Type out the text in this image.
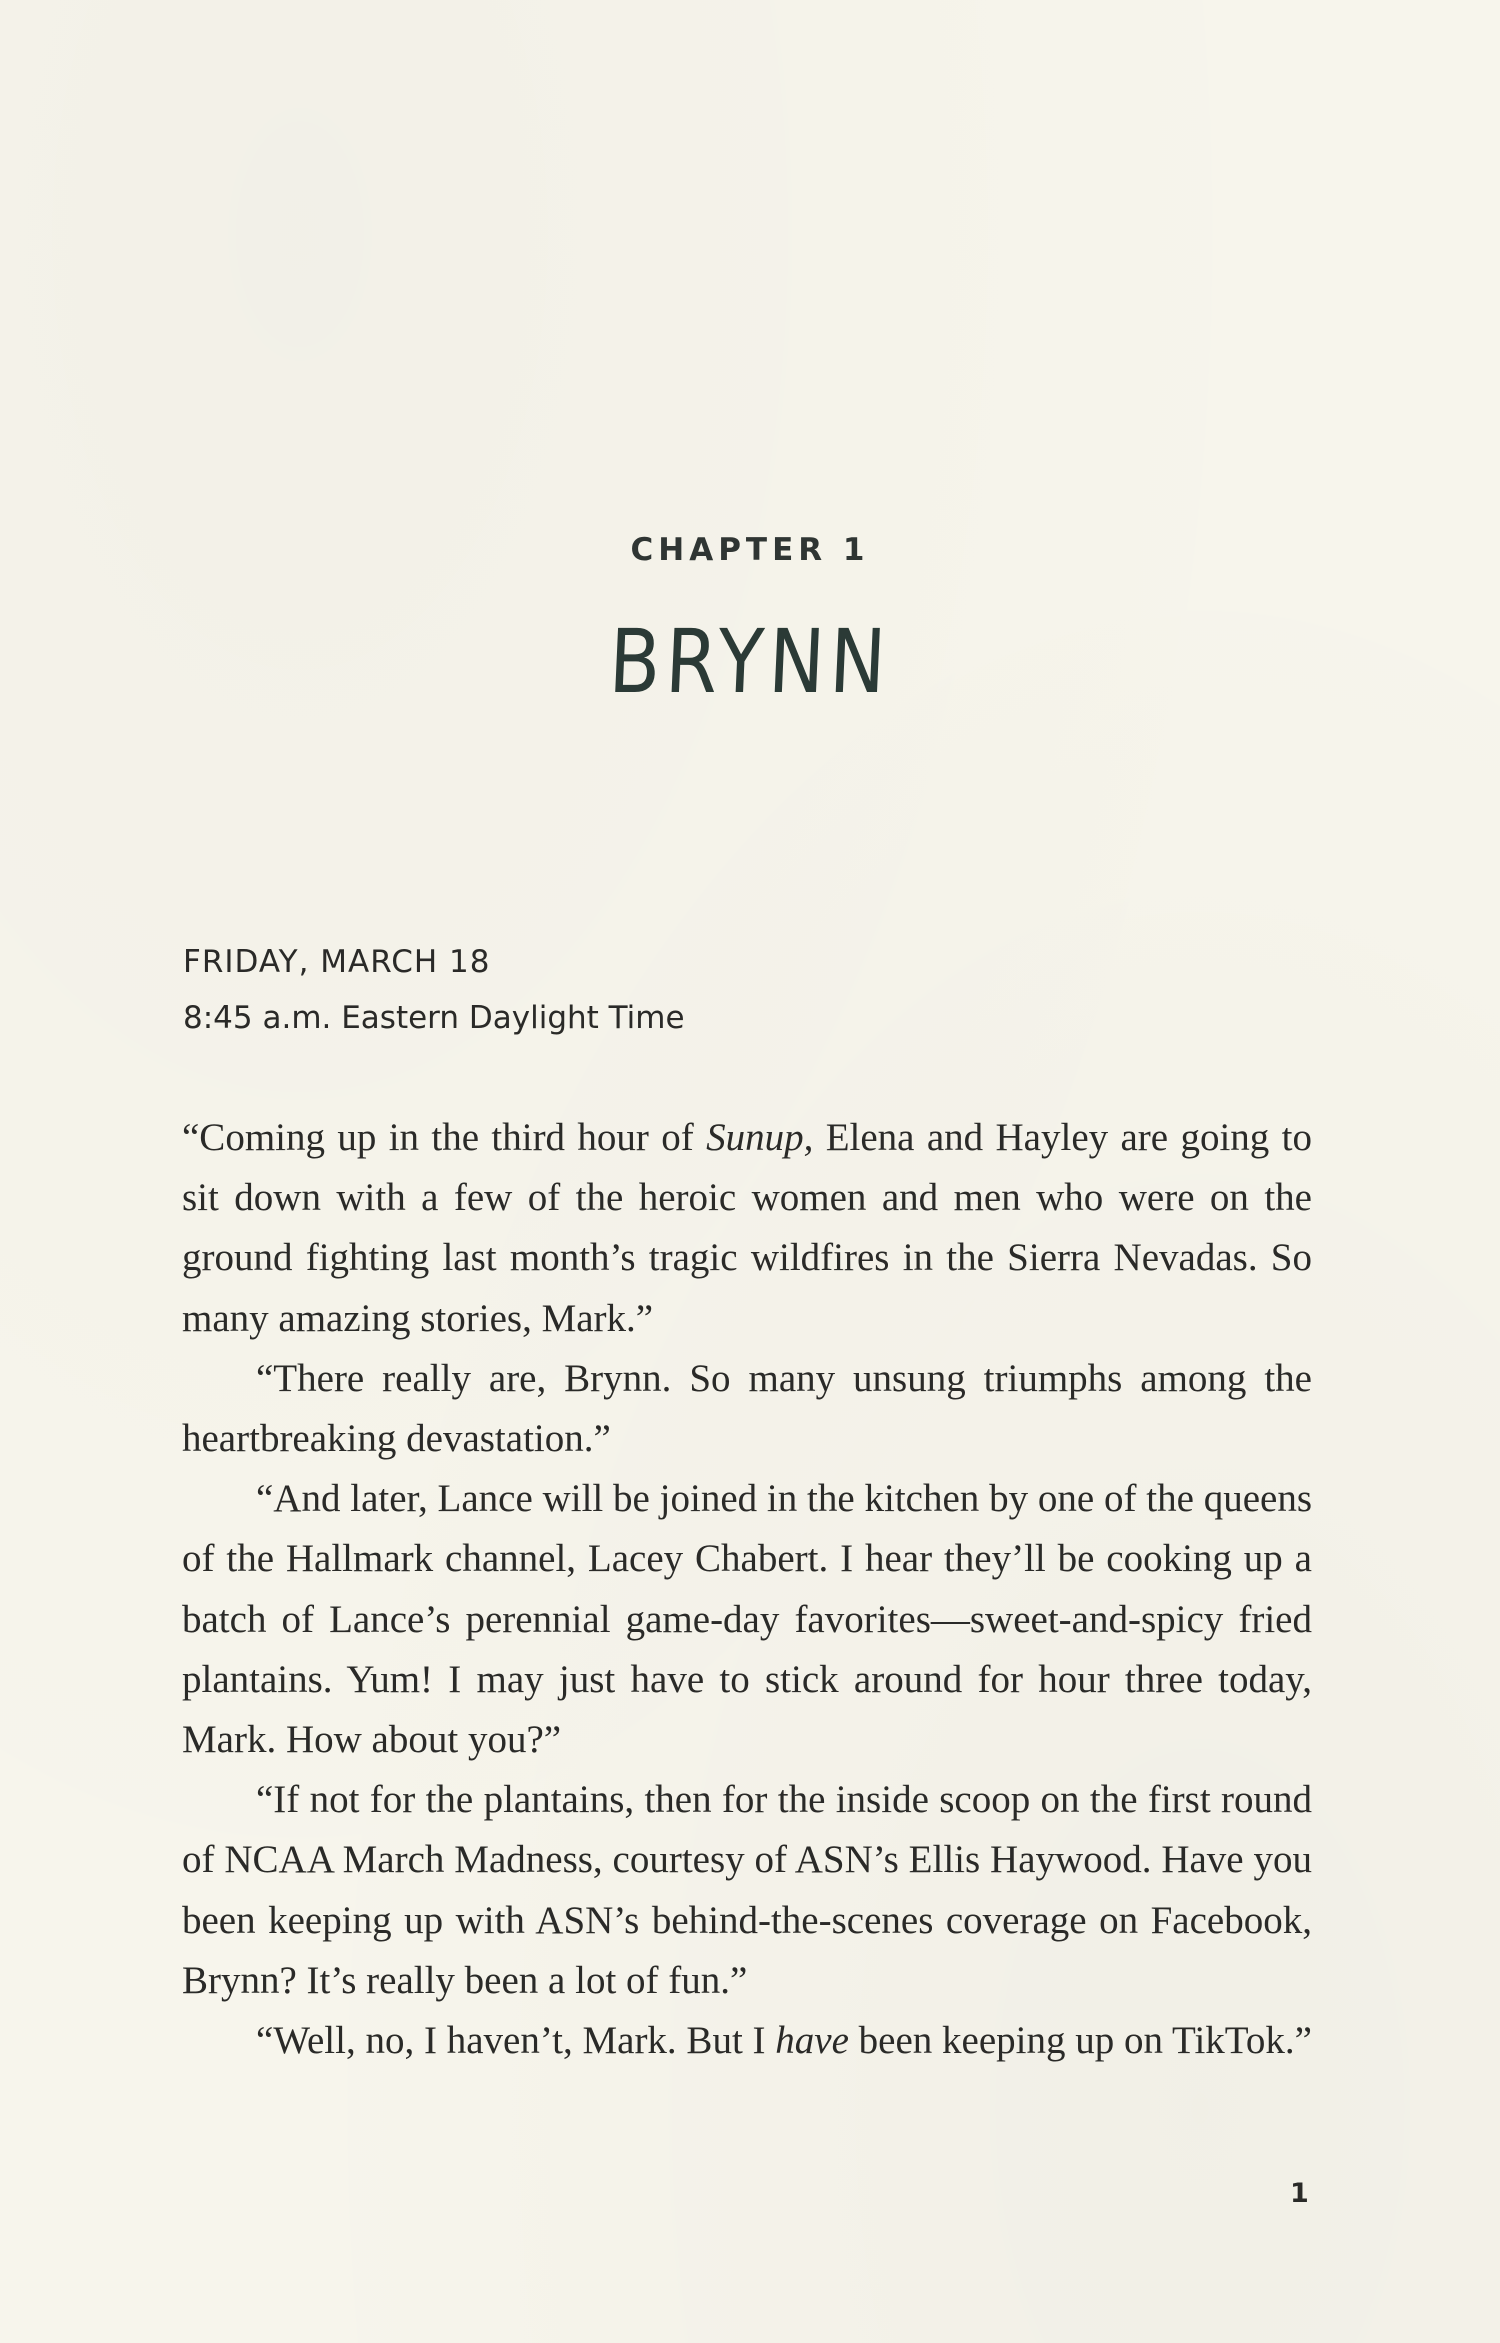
CHAPTER 1
BRYNN
FRIDAY, MARCH 18
8:45 a.m. Eastern Daylight Time

“Coming up in the third hour of Sunup, Elena and Hayley are going to sit down with a few of the heroic women and men who were on the ground fighting last month’s tragic wildfires in the Sierra Nevadas. So many amazing stories, Mark.”

“There really are, Brynn. So many unsung triumphs among the heartbreaking devastation.”

“And later, Lance will be joined in the kitchen by one of the queens of the Hallmark channel, Lacey Chabert. I hear they’ll be cooking up a batch of Lance’s perennial game-day favorites—sweet-and-spicy fried plantains. Yum! I may just have to stick around for hour three today, Mark. How about you?”

“If not for the plantains, then for the inside scoop on the first round of NCAA March Madness, courtesy of ASN’s Ellis Haywood. Have you been keeping up with ASN’s behind-the-scenes coverage on Facebook, Brynn? It’s really been a lot of fun.”

“Well, no, I haven’t, Mark. But I have been keeping up on TikTok.”

1
